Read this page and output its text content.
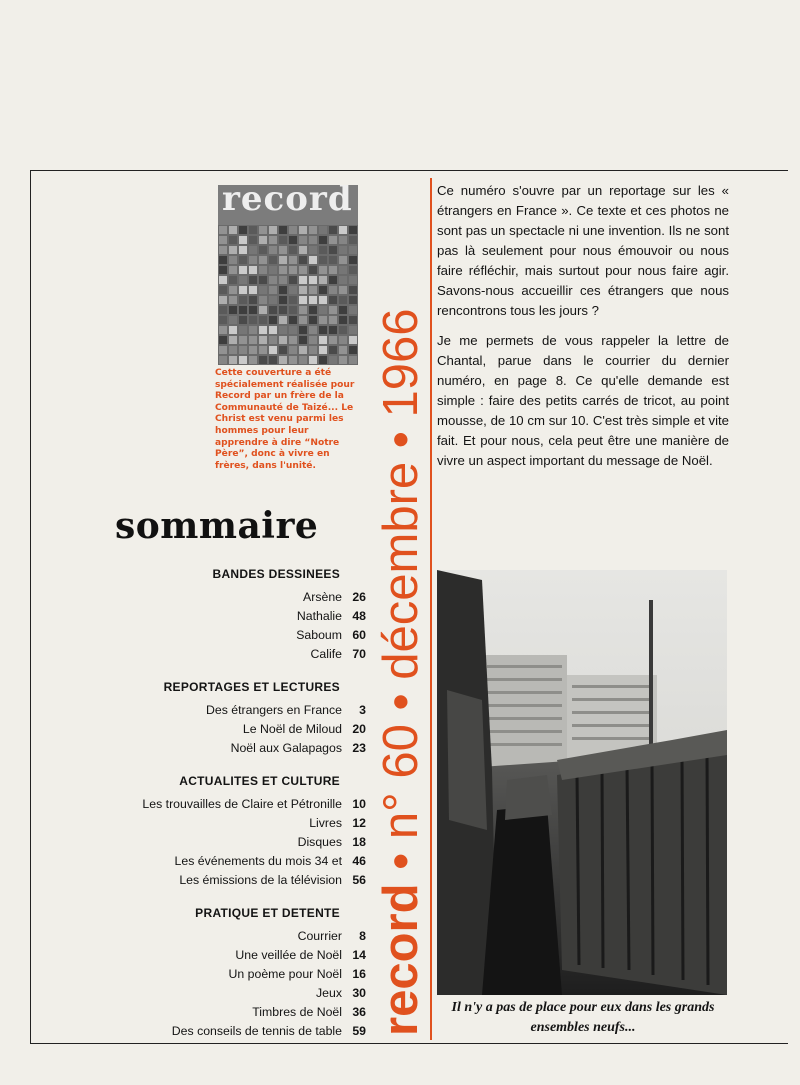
record
Cette couverture a été spécialement réalisée pour Record par un frère de la Communauté de Taizé... Le Christ est venu parmi les hommes pour leur apprendre à dire “Notre Père”, donc à vivre en frères, dans l'unité.
record • n° 60 • décembre • 1966

Ce numéro s'ouvre par un reportage sur les « étrangers en France ». Ce texte et ces photos ne sont pas un spectacle ni une invention. Ils ne sont pas là seulement pour nous émouvoir ou nous faire réfléchir, mais surtout pour nous faire agir. Savons-nous accueillir ces étrangers que nous rencontrons tous les jours ?

Je me permets de vous rappeler la lettre de Chantal, parue dans le courrier du dernier numéro, en page 8. Ce qu'elle demande est simple : faire des petits carrés de tricot, au point mousse, de 10 cm sur 10. C'est très simple et vite fait. Et pour nous, cela peut être une manière de vivre un aspect important du message de Noël.

Il n'y a pas de place pour eux dans les grands ensembles neufs...
sommaire
BANDES DESSINEES
Arsène 26
Nathalie 48
Saboum 60
Calife 70
REPORTAGES ET LECTURES
Des étrangers en France	3
Le Noël de Miloud 20
Noël aux Galapagos 23
ACTUALITES ET CULTURE
Les trouvailles de Claire et Pétronille 10
Livres 12
Disques 18
Les événements du mois 34 et 46
Les émissions de la télévision 56
PRATIQUE ET DETENTE
Courrier	8
Une veillée de Noël 14
Un poème pour Noël 16
Jeux 30
Timbres de Noël 36
Des conseils de tennis de table 59
